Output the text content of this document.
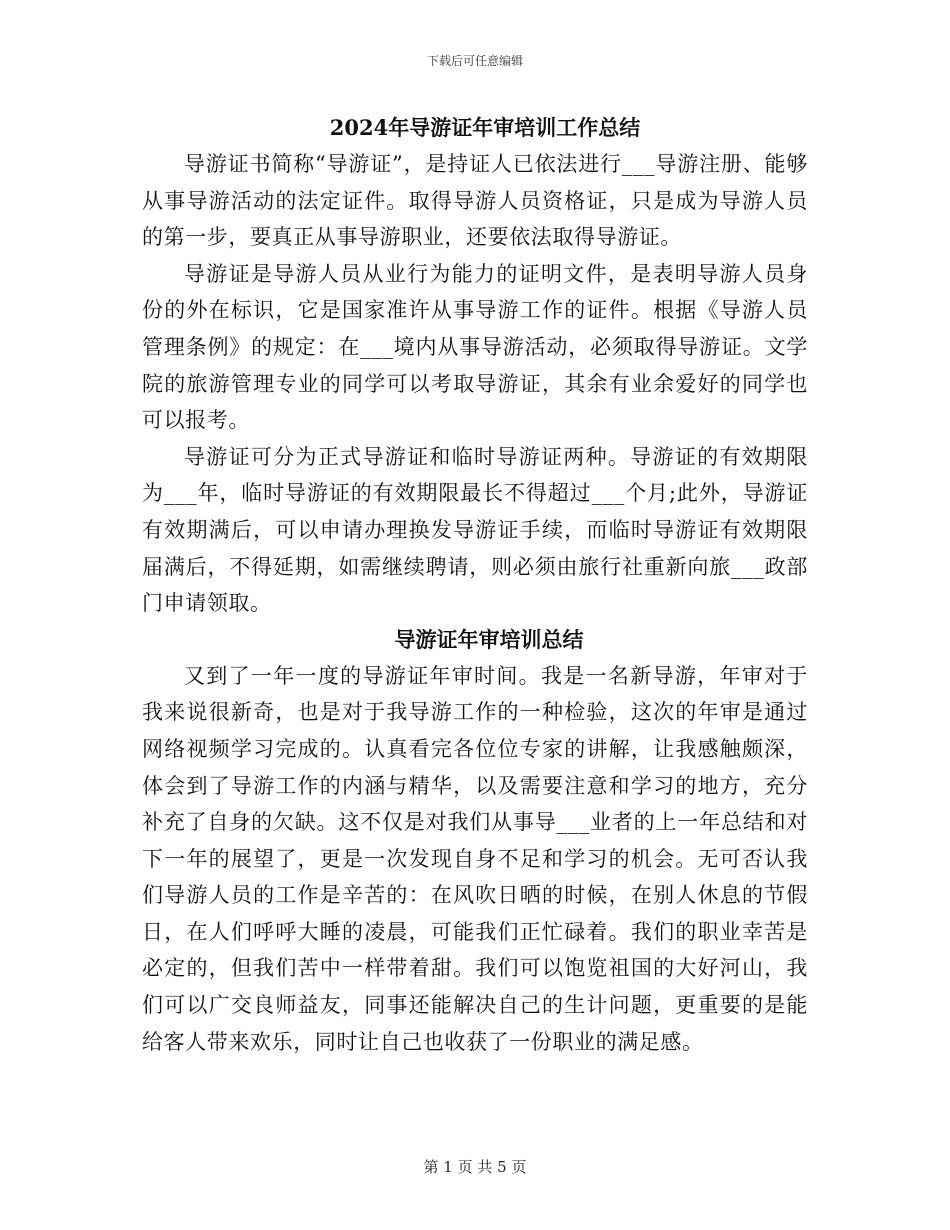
下载后可任意编辑
2024年导游证年审培训工作总结

导游证书简称“导游证”，是持证人已依法进行___导游注册、能够从事导游活动的法定证件。取得导游人员资格证，只是成为导游人员的第一步，要真正从事导游职业，还要依法取得导游证。

导游证是导游人员从业行为能力的证明文件，是表明导游人员身份的外在标识，它是国家准许从事导游工作的证件。根据《导游人员管理条例》的规定：在___境内从事导游活动，必须取得导游证。文学院的旅游管理专业的同学可以考取导游证，其余有业余爱好的同学也可以报考。

导游证可分为正式导游证和临时导游证两种。导游证的有效期限为___年，临时导游证的有效期限最长不得超过___个月;此外，导游证有效期满后，可以申请办理换发导游证手续，而临时导游证有效期限届满后，不得延期，如需继续聘请，则必须由旅行社重新向旅___政部门申请领取。

导游证年审培训总结

又到了一年一度的导游证年审时间。我是一名新导游，年审对于我来说很新奇，也是对于我导游工作的一种检验，这次的年审是通过网络视频学习完成的。认真看完各位位专家的讲解，让我感触颇深，体会到了导游工作的内涵与精华，以及需要注意和学习的地方，充分补充了自身的欠缺。这不仅是对我们从事导___业者的上一年总结和对下一年的展望了，更是一次发现自身不足和学习的机会。无可否认我们导游人员的工作是辛苦的：在风吹日晒的时候，在别人休息的节假日，在人们呼呼大睡的凌晨，可能我们正忙碌着。我们的职业幸苦是必定的，但我们苦中一样带着甜。我们可以饱览祖国的大好河山，我们可以广交良师益友，同事还能解决自己的生计问题，更重要的是能给客人带来欢乐，同时让自己也收获了一份职业的满足感。

第 1 页 共 5 页
